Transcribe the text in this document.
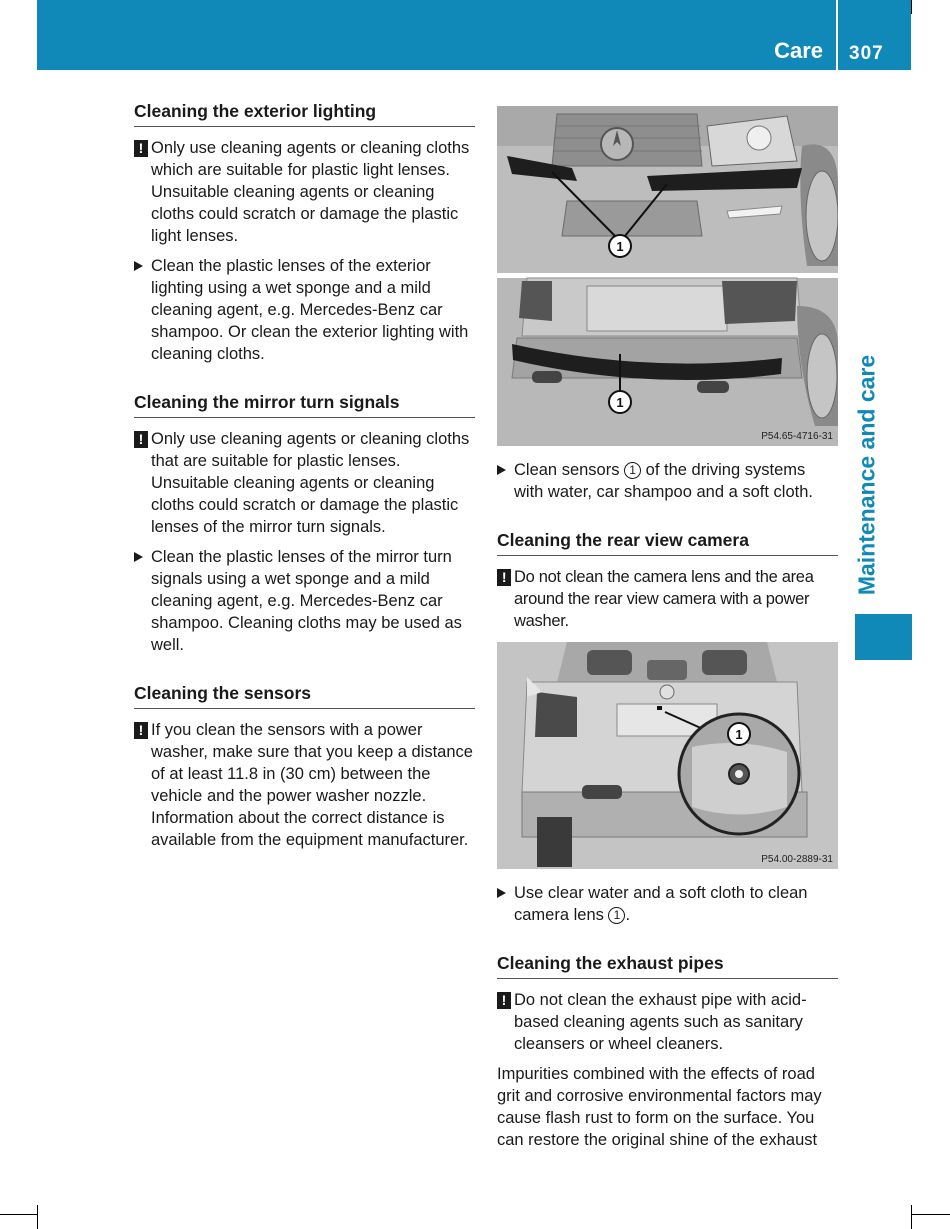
Care 307
Maintenance and care
Cleaning the exterior lighting
! Only use cleaning agents or cleaning cloths which are suitable for plastic light lenses. Unsuitable cleaning agents or cleaning cloths could scratch or damage the plastic light lenses.
Clean the plastic lenses of the exterior lighting using a wet sponge and a mild cleaning agent, e.g. Mercedes-Benz car shampoo. Or clean the exterior lighting with cleaning cloths.
Cleaning the mirror turn signals
! Only use cleaning agents or cleaning cloths that are suitable for plastic lenses. Unsuitable cleaning agents or cleaning cloths could scratch or damage the plastic lenses of the mirror turn signals.
Clean the plastic lenses of the mirror turn signals using a wet sponge and a mild cleaning agent, e.g. Mercedes-Benz car shampoo. Cleaning cloths may be used as well.
Cleaning the sensors
! If you clean the sensors with a power washer, make sure that you keep a distance of at least 11.8 in (30 cm) between the vehicle and the power washer nozzle. Information about the correct distance is available from the equipment manufacturer.
1
1
P54.65-4716-31
Clean sensors 1 of the driving systems with water, car shampoo and a soft cloth.
Cleaning the rear view camera
! Do not clean the camera lens and the area around the rear view camera with a power washer.
1
P54.00-2889-31
Use clear water and a soft cloth to clean camera lens 1 .
Cleaning the exhaust pipes
! Do not clean the exhaust pipe with acid-based cleaning agents such as sanitary cleansers or wheel cleaners.
Impurities combined with the effects of road grit and corrosive environmental factors may cause flash rust to form on the surface. You can restore the original shine of the exhaust
